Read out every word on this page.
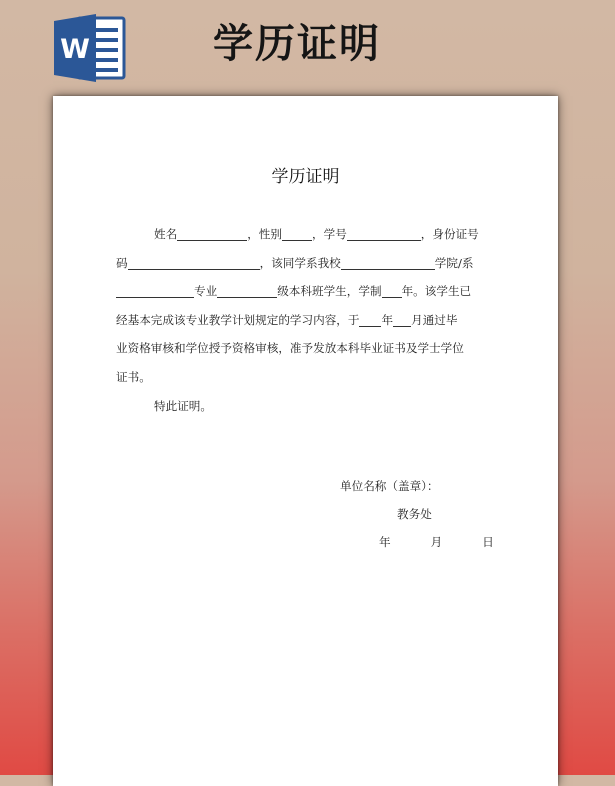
W	学历证明
学历证明
姓名	，性别	，学号	，身份证号
码	，该同学系我校	学院/系
专业	级本科班学生，学制 年。该学生已
经基本完成该专业教学计划规定的学习内容，于 年 月通过毕
业资格审核和学位授予资格审核，准予发放本科毕业证书及学士学位
证书。
特此证明。
单位名称（盖章）：
教务处
年	月	日
